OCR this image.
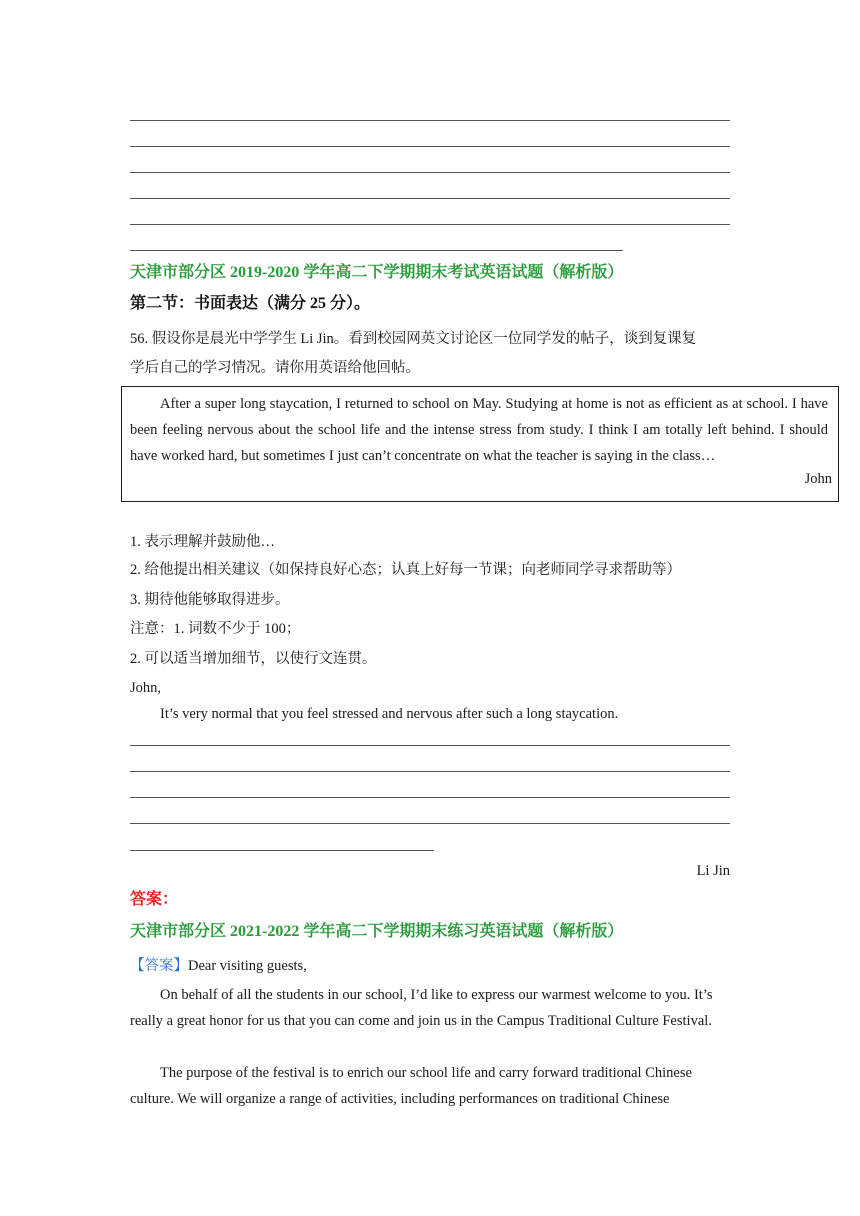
天津市部分区 2019-2020 学年高二下学期期末考试英语试题（解析版）
第二节：书面表达（满分 25 分）。
56. 假设你是晨光中学学生 Li Jin。看到校园网英文讨论区一位同学发的帖子，谈到复课复
学后自己的学习情况。请你用英语给他回帖。
After a super long staycation, I returned to school on May. Studying at home is not as efficient as at school. I have been feeling nervous about the school life and the intense stress from study. I think I am totally left behind. I should have worked hard, but sometimes I just can’t concentrate on what the teacher is saying in the class…
John
1. 表示理解并鼓励他…
2. 给他提出相关建议（如保持良好心态；认真上好每一节课；向老师同学寻求帮助等）
3. 期待他能够取得进步。
注意：1. 词数不少于 100；
2. 可以适当增加细节，以使行文连贯。
John,
It’s very normal that you feel stressed and nervous after such a long staycation.
Li Jin
答案：
天津市部分区 2021-2022 学年高二下学期期末练习英语试题（解析版）
【答案】Dear visiting guests,
On behalf of all the students in our school, I’d like to express our warmest welcome to you. It’s really a great honor for us that you can come and join us in the Campus Traditional Culture Festival.
The purpose of the festival is to enrich our school life and carry forward traditional Chinese culture. We will organize a range of activities, including performances on traditional Chinese
